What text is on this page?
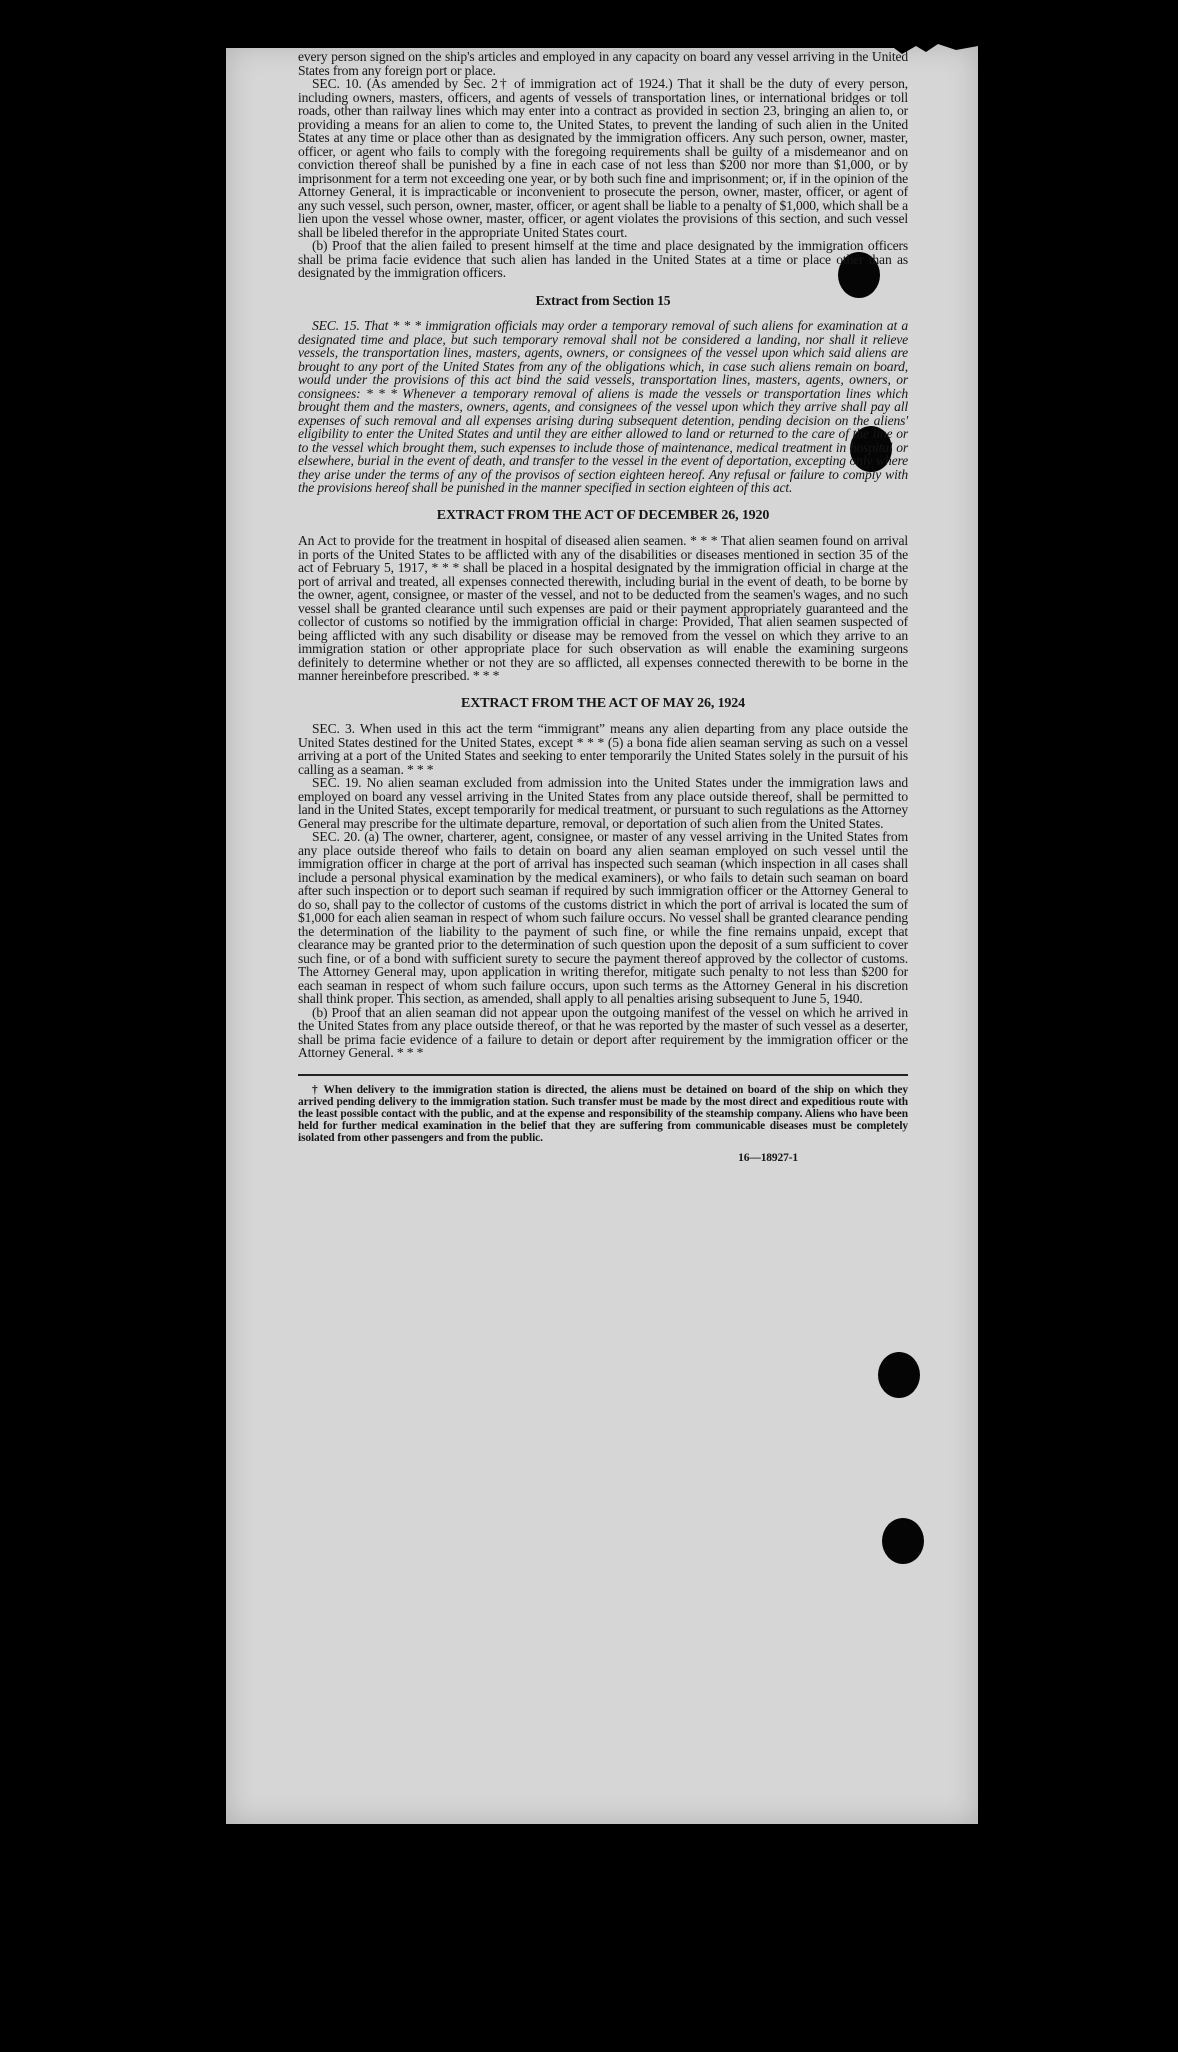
every person signed on the ship's articles and employed in any capacity on board any vessel arriving in the United States from any foreign port or place.

SEC. 10. (As amended by Sec. 2† of immigration act of 1924.) That it shall be the duty of every person, including owners, masters, officers, and agents of vessels of transportation lines, or international bridges or toll roads, other than railway lines which may enter into a contract as provided in section 23, bringing an alien to, or providing a means for an alien to come to, the United States, to prevent the landing of such alien in the United States at any time or place other than as designated by the immigration officers. Any such person, owner, master, officer, or agent who fails to comply with the foregoing requirements shall be guilty of a misdemeanor and on conviction thereof shall be punished by a fine in each case of not less than $200 nor more than $1,000, or by imprisonment for a term not exceeding one year, or by both such fine and imprisonment; or, if in the opinion of the Attorney General, it is impracticable or inconvenient to prosecute the person, owner, master, officer, or agent of any such vessel, such person, owner, master, officer, or agent shall be liable to a penalty of $1,000, which shall be a lien upon the vessel whose owner, master, officer, or agent violates the provisions of this section, and such vessel shall be libeled therefor in the appropriate United States court.

(b) Proof that the alien failed to present himself at the time and place designated by the immigration officers shall be prima facie evidence that such alien has landed in the United States at a time or place other than as designated by the immigration officers.

Extract from Section 15

SEC. 15. That * * * immigration officials may order a temporary removal of such aliens for examination at a designated time and place, but such temporary removal shall not be considered a landing, nor shall it relieve vessels, the transportation lines, masters, agents, owners, or consignees of the vessel upon which said aliens are brought to any port of the United States from any of the obligations which, in case such aliens remain on board, would under the provisions of this act bind the said vessels, transportation lines, masters, agents, owners, or consignees: * * * Whenever a temporary removal of aliens is made the vessels or transportation lines which brought them and the masters, owners, agents, and consignees of the vessel upon which they arrive shall pay all expenses of such removal and all expenses arising during subsequent detention, pending decision on the aliens' eligibility to enter the United States and until they are either allowed to land or returned to the care of the line or to the vessel which brought them, such expenses to include those of maintenance, medical treatment in hospital or elsewhere, burial in the event of death, and transfer to the vessel in the event of deportation, excepting only where they arise under the terms of any of the provisos of section eighteen hereof. Any refusal or failure to comply with the provisions hereof shall be punished in the manner specified in section eighteen of this act.

EXTRACT FROM THE ACT OF DECEMBER 26, 1920

An Act to provide for the treatment in hospital of diseased alien seamen. * * * That alien seamen found on arrival in ports of the United States to be afflicted with any of the disabilities or diseases mentioned in section 35 of the act of February 5, 1917, * * * shall be placed in a hospital designated by the immigration official in charge at the port of arrival and treated, all expenses connected therewith, including burial in the event of death, to be borne by the owner, agent, consignee, or master of the vessel, and not to be deducted from the seamen's wages, and no such vessel shall be granted clearance until such expenses are paid or their payment appropriately guaranteed and the collector of customs so notified by the immigration official in charge: Provided, That alien seamen suspected of being afflicted with any such disability or disease may be removed from the vessel on which they arrive to an immigration station or other appropriate place for such observation as will enable the examining surgeons definitely to determine whether or not they are so afflicted, all expenses connected therewith to be borne in the manner hereinbefore prescribed. * * *

EXTRACT FROM THE ACT OF MAY 26, 1924

SEC. 3. When used in this act the term “immigrant” means any alien departing from any place outside the United States destined for the United States, except * * * (5) a bona fide alien seaman serving as such on a vessel arriving at a port of the United States and seeking to enter temporarily the United States solely in the pursuit of his calling as a seaman. * * *

SEC. 19. No alien seaman excluded from admission into the United States under the immigration laws and employed on board any vessel arriving in the United States from any place outside thereof, shall be permitted to land in the United States, except temporarily for medical treatment, or pursuant to such regulations as the Attorney General may prescribe for the ultimate departure, removal, or deportation of such alien from the United States.

SEC. 20. (a) The owner, charterer, agent, consignee, or master of any vessel arriving in the United States from any place outside thereof who fails to detain on board any alien seaman employed on such vessel until the immigration officer in charge at the port of arrival has inspected such seaman (which inspection in all cases shall include a personal physical examination by the medical examiners), or who fails to detain such seaman on board after such inspection or to deport such seaman if required by such immigration officer or the Attorney General to do so, shall pay to the collector of customs of the customs district in which the port of arrival is located the sum of $1,000 for each alien seaman in respect of whom such failure occurs. No vessel shall be granted clearance pending the determination of the liability to the payment of such fine, or while the fine remains unpaid, except that clearance may be granted prior to the determination of such question upon the deposit of a sum sufficient to cover such fine, or of a bond with sufficient surety to secure the payment thereof approved by the collector of customs. The Attorney General may, upon application in writing therefor, mitigate such penalty to not less than $200 for each seaman in respect of whom such failure occurs, upon such terms as the Attorney General in his discretion shall think proper. This section, as amended, shall apply to all penalties arising subsequent to June 5, 1940.

(b) Proof that an alien seaman did not appear upon the outgoing manifest of the vessel on which he arrived in the United States from any place outside thereof, or that he was reported by the master of such vessel as a deserter, shall be prima facie evidence of a failure to detain or deport after requirement by the immigration officer or the Attorney General. * * *

† When delivery to the immigration station is directed, the aliens must be detained on board of the ship on which they arrived pending delivery to the immigration station. Such transfer must be made by the most direct and expeditious route with the least possible contact with the public, and at the expense and responsibility of the steamship company. Aliens who have been held for further medical examination in the belief that they are suffering from communicable diseases must be completely isolated from other passengers and from the public.

16—18927-1
